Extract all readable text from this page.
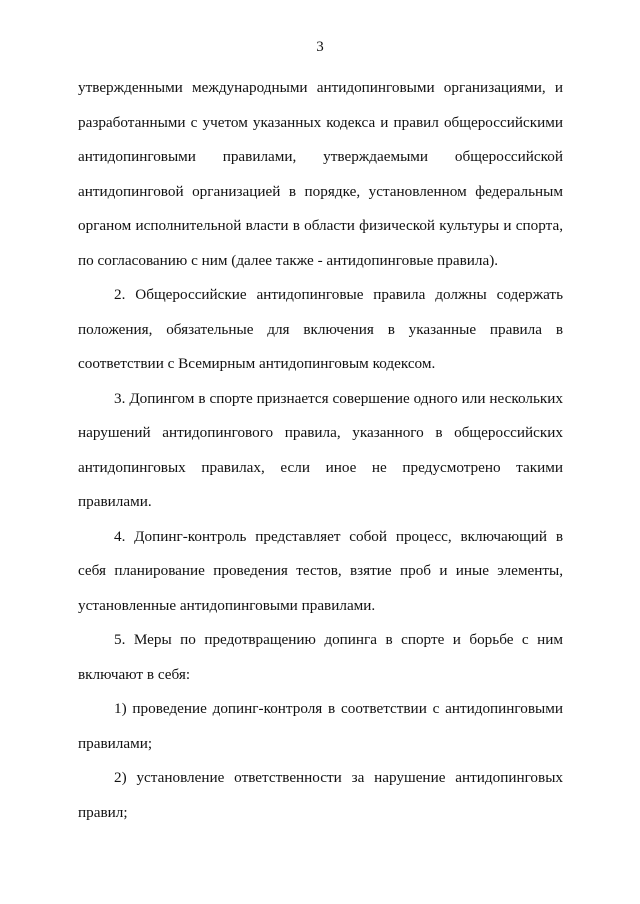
3

утвержденными международными антидопинговыми организациями, и разработанными с учетом указанных кодекса и правил общероссийскими антидопинговыми правилами, утверждаемыми общероссийской антидопинговой организацией в порядке, установленном федеральным органом исполнительной власти в области физической культуры и спорта, по согласованию с ним (далее также - антидопинговые правила).

2. Общероссийские антидопинговые правила должны содержать положения, обязательные для включения в указанные правила в соответствии с Всемирным антидопинговым кодексом.

3. Допингом в спорте признается совершение одного или нескольких нарушений антидопингового правила, указанного в общероссийских антидопинговых правилах, если иное не предусмотрено такими правилами.

4. Допинг-контроль представляет собой процесс, включающий в себя планирование проведения тестов, взятие проб и иные элементы, установленные антидопинговыми правилами.

5. Меры по предотвращению допинга в спорте и борьбе с ним включают в себя:

1) проведение допинг-контроля в соответствии с антидопинговыми правилами;

2) установление ответственности за нарушение антидопинговых правил;
